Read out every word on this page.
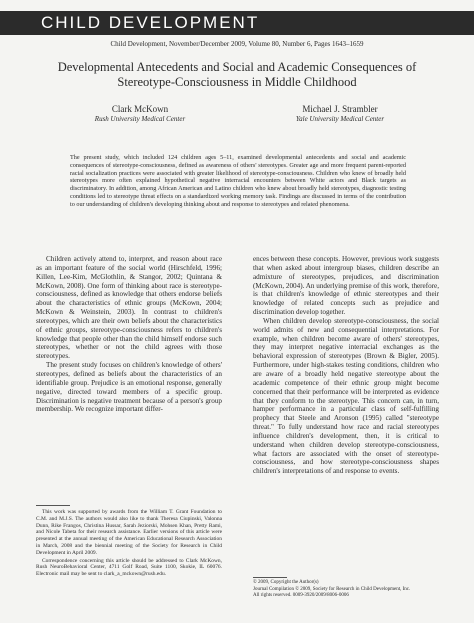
CHILD DEVELOPMENT
Child Development, November/December 2009, Volume 80, Number 6, Pages 1643–1659
Developmental Antecedents and Social and Academic Consequences of
Stereotype-Consciousness in Middle Childhood
Clark McKown
Rush University Medical Center
Michael J. Strambler
Yale University Medical Center
The present study, which included 124 children ages 5–11, examined developmental antecedents and social and academic consequences of stereotype-consciousness, defined as awareness of others' stereotypes. Greater age and more frequent parent-reported racial socialization practices were associated with greater likelihood of stereotype-consciousness. Children who knew of broadly held stereotypes more often explained hypothetical negative interracial encounters between White actors and Black targets as discriminatory. In addition, among African American and Latino children who knew about broadly held stereotypes, diagnostic testing conditions led to stereotype threat effects on a standardized working memory task. Findings are discussed in terms of the contribution to our understanding of children's developing thinking about and response to stereotypes and related phenomena.

Children actively attend to, interpret, and reason about race as an important feature of the social world (Hirschfeld, 1996; Killen, Lee-Kim, McGlothlin, & Stangor, 2002; Quintana & McKown, 2008). One form of thinking about race is stereotype-consciousness, defined as knowledge that others endorse beliefs about the characteristics of ethnic groups (McKown, 2004; McKown & Weinstein, 2003). In contrast to children's stereotypes, which are their own beliefs about the characteristics of ethnic groups, stereotype-consciousness refers to children's knowledge that people other than the child himself endorse such stereotypes, whether or not the child agrees with those stereotypes.

The present study focuses on children's knowledge of others' stereotypes, defined as beliefs about the characteristics of an identifiable group. Prejudice is an emotional response, generally negative, directed toward members of a specific group. Discrimination is negative treatment because of a person's group membership. We recognize important differ-

This work was supported by awards from the William T. Grant Foundation to C.M. and M.J.S. The authors would also like to thank Theresa Ciupinski, Valonna Dunn, Rike Frangos, Christina Hussar, Sarah Jeziorski, Mohsen Khan, Pretty Rami, and Nicole Tabeta for their research assistance. Earlier versions of this article were presented at the annual meeting of the American Educational Research Association in March, 2008 and the biennial meeting of the Society for Research in Child Development in April 2009.

Correspondence concerning this article should be addressed to Clark McKown, Rush NeuroBehavioral Center, 4711 Golf Road, Suite 1100, Skokie, IL 60076. Electronic mail may be sent to clark_a_mckown@rush.edu.

ences between these concepts. However, previous work suggests that when asked about intergroup biases, children describe an admixture of stereotypes, prejudices, and discrimination (McKown, 2004). An underlying premise of this work, therefore, is that children's knowledge of ethnic stereotypes and their knowledge of related concepts such as prejudice and discrimination develop together.

When children develop stereotype-consciousness, the social world admits of new and consequential interpretations. For example, when children become aware of others' stereotypes, they may interpret negative interracial exchanges as the behavioral expression of stereotypes (Brown & Bigler, 2005). Furthermore, under high-stakes testing conditions, children who are aware of a broadly held negative stereotype about the academic competence of their ethnic group might become concerned that their performance will be interpreted as evidence that they conform to the stereotype. This concern can, in turn, hamper performance in a particular class of self-fulfilling prophecy that Steele and Aronson (1995) called "stereotype threat." To fully understand how race and racial stereotypes influence children's development, then, it is critical to understand when children develop stereotype-consciousness, what factors are associated with the onset of stereotype-consciousness, and how stereotype-consciousness shapes children's interpretations of and response to events.

© 2009, Copyright the Author(s)
Journal Compilation © 2009, Society for Research in Child Development, Inc.
All rights reserved. 0009-3920/2009/8006-0006
